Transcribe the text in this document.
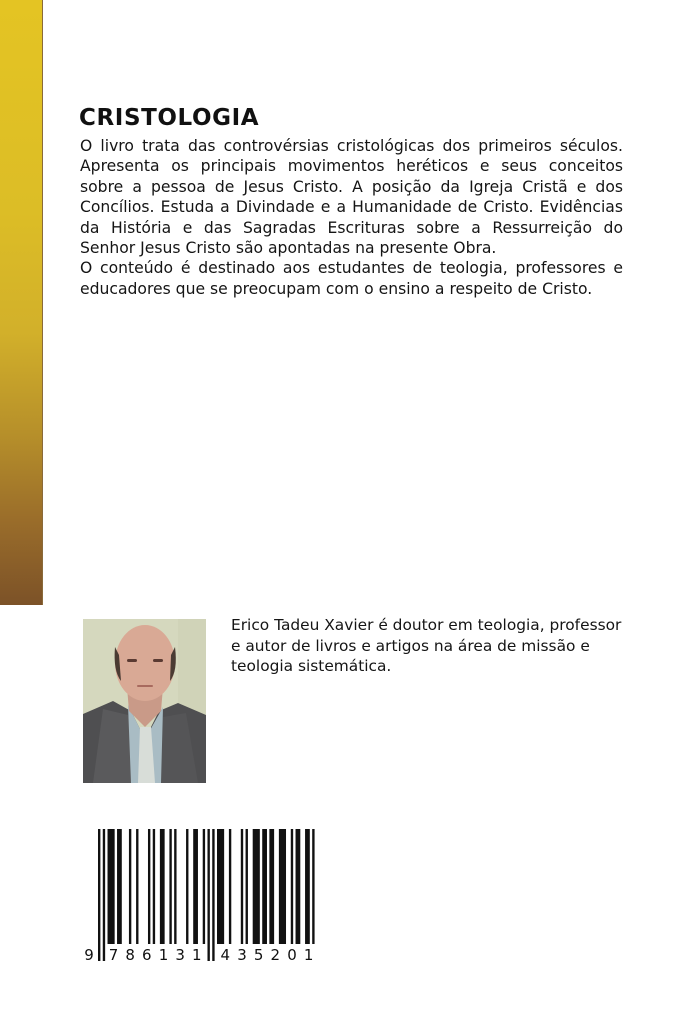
CRISTOLOGIA

O livro trata das controvérsias cristológicas dos primeiros séculos. Apresenta os principais movimentos heréticos e seus conceitos sobre a pessoa de Jesus Cristo. A posição da Igreja Cristã e dos Concílios. Estuda a Divindade e a Humanidade de Cristo. Evidências da História e das Sagradas Escrituras sobre a Ressurreição do Senhor Jesus Cristo são apontadas na presente Obra.

O conteúdo é destinado aos estudantes de teologia, professores e educadores que se preocupam com o ensino a respeito de Cristo.

Erico Tadeu Xavier é doutor em teologia, professor e autor de livros e artigos na área de missão e teologia sistemática.

9 7 8 6 1 3 1 4 3 5 2 0 1
